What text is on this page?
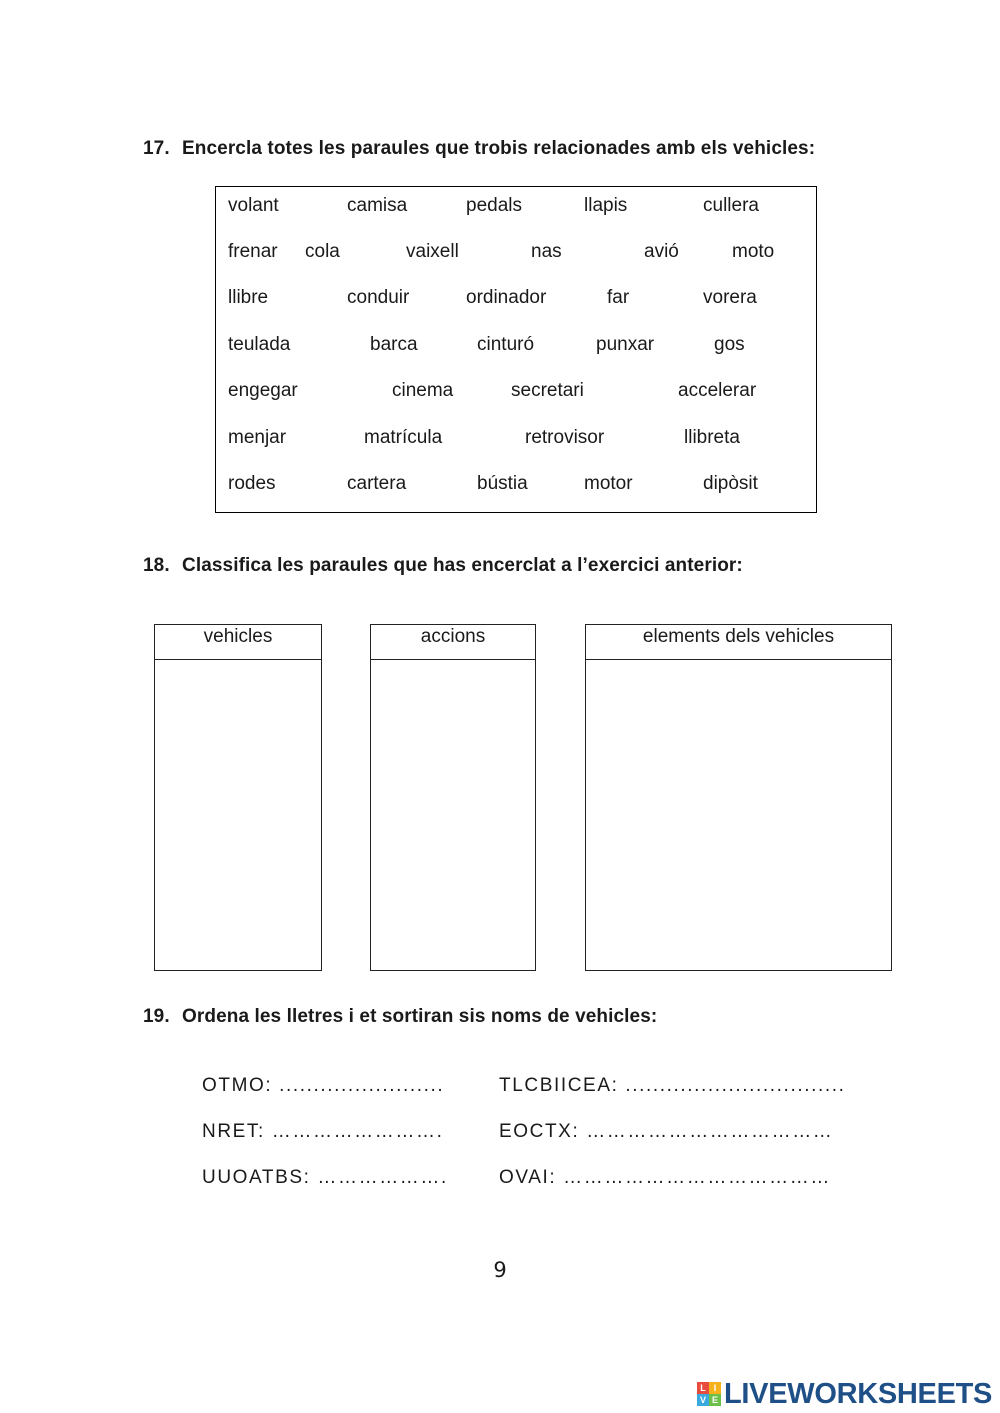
17. Encercla totes les paraules que trobis relacionades amb els vehicles:
volant	camisa	pedals	llapis	cullera
frenar cola	vaixell	nas	avió	moto
llibre	conduir	ordinador	far	vorera
teulada	barca	cinturó	punxar	gos
engegar	cinema	secretari	accelerar
menjar	matrícula	retrovisor	llibreta
rodes	cartera	bústia	motor	dipòsit
18. Classifica les paraules que has encerclat a l’exercici anterior:
vehicles	accions	elements dels vehicles
19. Ordena les lletres i et sortiran sis noms de vehicles:
OTMO: ........................	TLCBIICEA: ................................
NRET: …………………….	EOCTX: ………………………………
UUOATBS: ……………….	OVAI: …………………………………
9
L I
V E LIVEWORKSHEETS
